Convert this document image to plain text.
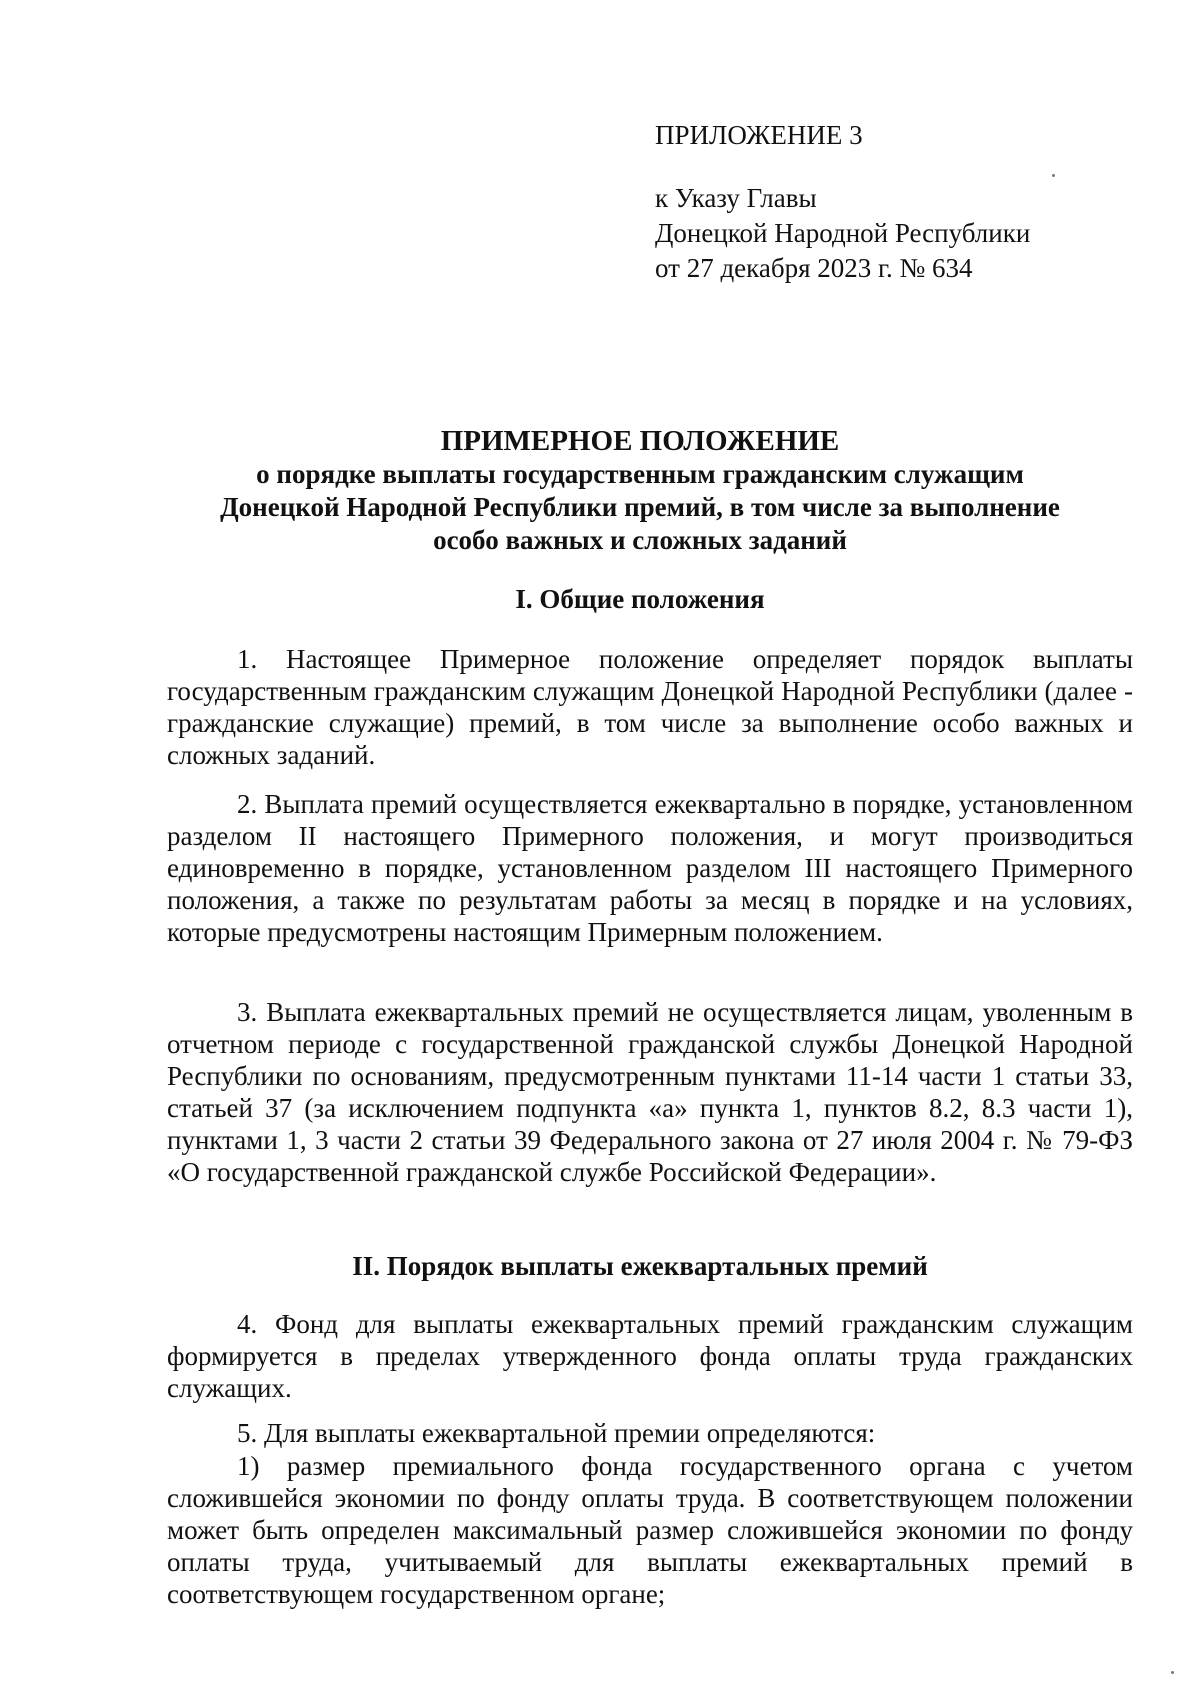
ПРИЛОЖЕНИЕ 3
к Указу Главы
Донецкой Народной Республики
от 27 декабря 2023 г. № 634
ПРИМЕРНОЕ ПОЛОЖЕНИЕ
о порядке выплаты государственным гражданским служащим
Донецкой Народной Республики премий, в том числе за выполнение
особо важных и сложных заданий
I. Общие положения
1. Настоящее Примерное положение определяет порядок выплаты государственным гражданским служащим Донецкой Народной Республики (далее - гражданские служащие) премий, в том числе за выполнение особо важных и сложных заданий.
2. Выплата премий осуществляется ежеквартально в порядке, установленном разделом II настоящего Примерного положения, и могут производиться единовременно в порядке, установленном разделом III настоящего Примерного положения, а также по результатам работы за месяц в порядке и на условиях, которые предусмотрены настоящим Примерным положением.
3. Выплата ежеквартальных премий не осуществляется лицам, уволенным в отчетном периоде с государственной гражданской службы Донецкой Народной Республики по основаниям, предусмотренным пунктами 11-14 части 1 статьи 33, статьей 37 (за исключением подпункта «а» пункта 1, пунктов 8.2, 8.3 части 1), пунктами 1, 3 части 2 статьи 39 Федерального закона от 27 июля 2004 г. № 79-ФЗ «О государственной гражданской службе Российской Федерации».
II. Порядок выплаты ежеквартальных премий
4. Фонд для выплаты ежеквартальных премий гражданским служащим формируется в пределах утвержденного фонда оплаты труда гражданских служащих.
5. Для выплаты ежеквартальной премии определяются:
1) размер премиального фонда государственного органа с учетом сложившейся экономии по фонду оплаты труда. В соответствующем положении может быть определен максимальный размер сложившейся экономии по фонду оплаты труда, учитываемый для выплаты ежеквартальных премий в соответствующем государственном органе;
